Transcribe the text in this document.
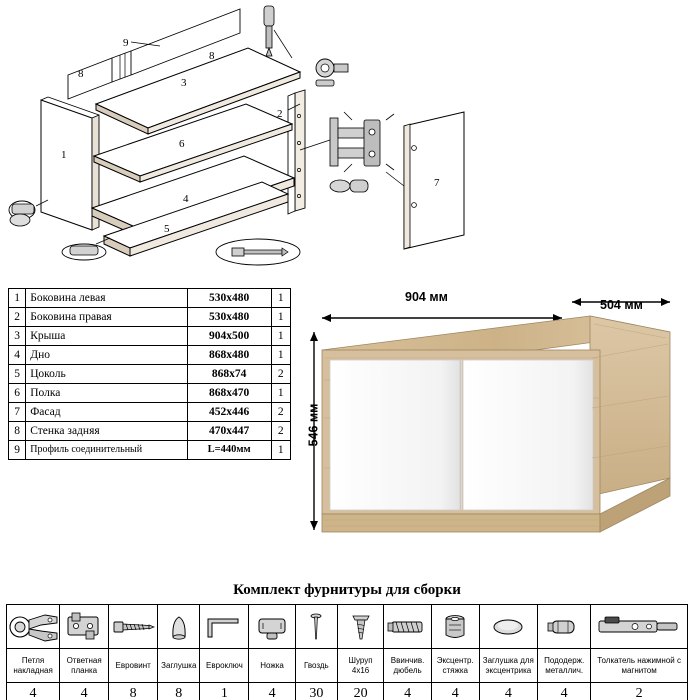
9
8
8
3
1
2
6
4
5
7
1	Боковина левая	530x480	1
2	Боковина правая	530x480	1
3	Крыша	904x500	1
4	Дно	868x480	1
5	Цоколь	868x74	2
6	Полка	868x470	1
7	Фасад	452x446	2
8	Стенка задняя	470x447	2
9	Профиль соединительный	L=440мм	1
904 мм
504 мм
546 мм
Комплект фурнитуры для сборки

Петля накладная	Ответная планка	Евровинт	Заглушка	Евроключ	Ножка	Гвоздь	Шуруп 4х16	Ввинчив. дюбель	Эксцентр. стяжка	Заглушка для эксцентрика	Пододерж. металлич.	Толкатель нажимной с магнитом
4	4	8	8	1	4	30	20	4	4	4	4	2
